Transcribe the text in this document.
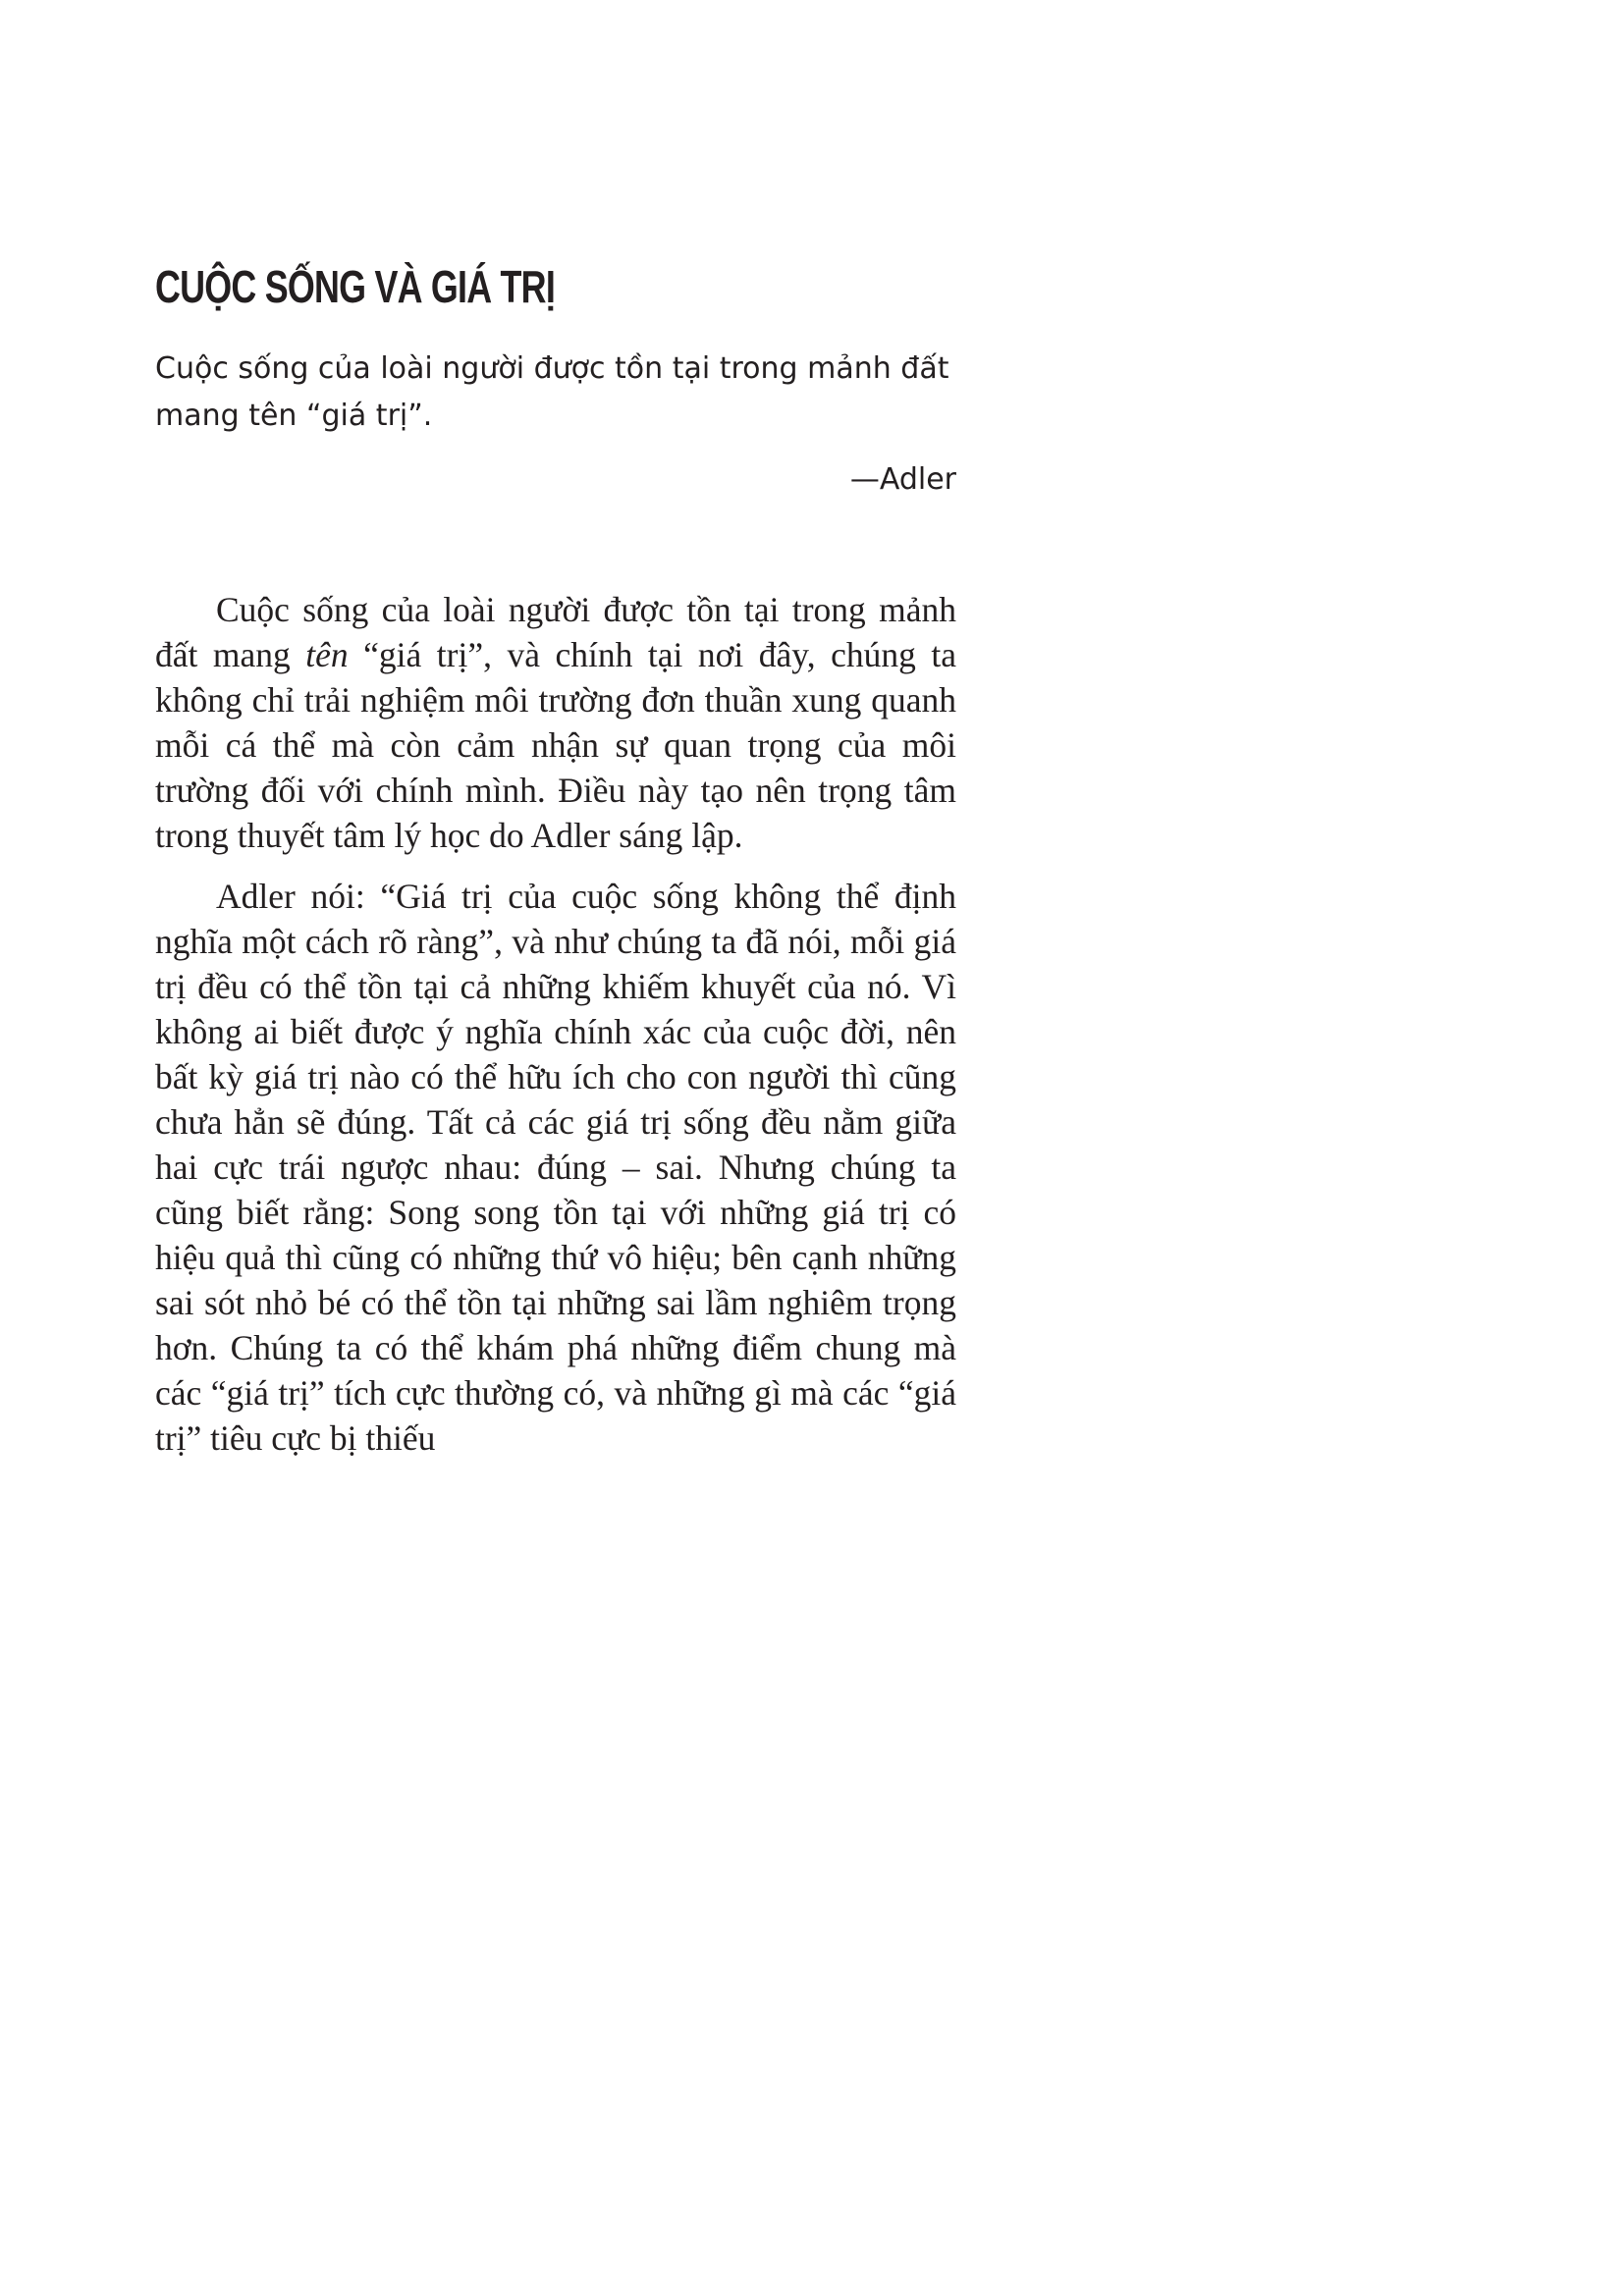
CUỘC SỐNG VÀ GIÁ TRỊ

Cuộc sống của loài người được tồn tại trong mảnh đất mang tên “giá trị”.

—Adler

Cuộc sống của loài người được tồn tại trong mảnh đất mang tên “giá trị”, và chính tại nơi đây, chúng ta không chỉ trải nghiệm môi trường đơn thuần xung quanh mỗi cá thể mà còn cảm nhận sự quan trọng của môi trường đối với chính mình. Điều này tạo nên trọng tâm trong thuyết tâm lý học do Adler sáng lập.

Adler nói: “Giá trị của cuộc sống không thể định nghĩa một cách rõ ràng”, và như chúng ta đã nói, mỗi giá trị đều có thể tồn tại cả những khiếm khuyết của nó. Vì không ai biết được ý nghĩa chính xác của cuộc đời, nên bất kỳ giá trị nào có thể hữu ích cho con người thì cũng chưa hẳn sẽ đúng. Tất cả các giá trị sống đều nằm giữa hai cực trái ngược nhau: đúng – sai. Nhưng chúng ta cũng biết rằng: Song song tồn tại với những giá trị có hiệu quả thì cũng có những thứ vô hiệu; bên cạnh những sai sót nhỏ bé có thể tồn tại những sai lầm nghiêm trọng hơn. Chúng ta có thể khám phá những điểm chung mà các “giá trị” tích cực thường có, và những gì mà các “giá trị” tiêu cực bị thiếu
